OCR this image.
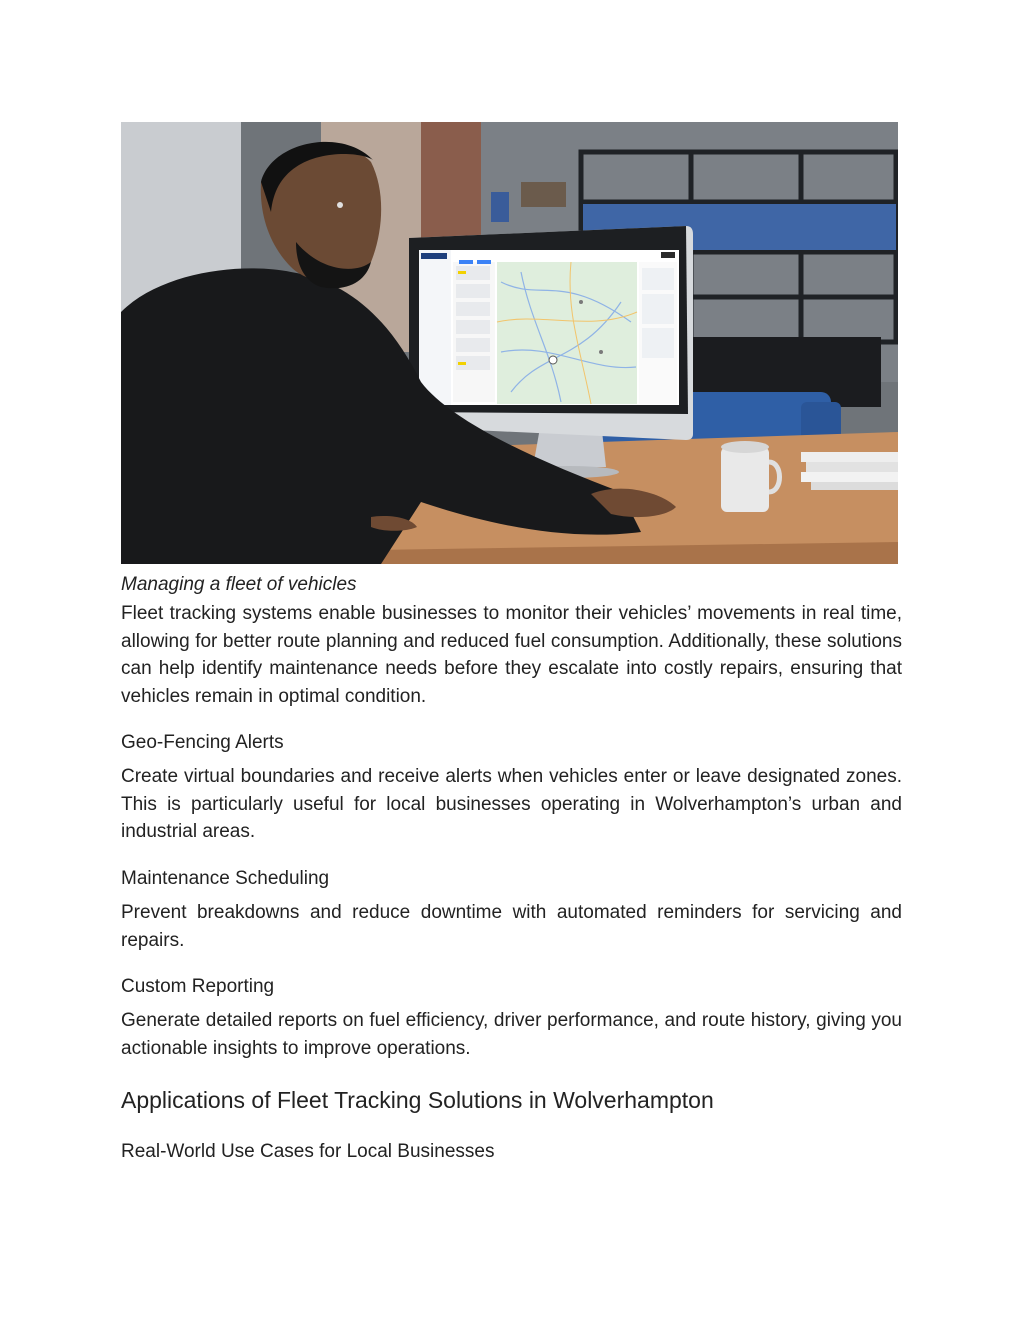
Managing a fleet of vehicles
Fleet tracking systems enable businesses to monitor their vehicles’ movements in real time, allowing for better route planning and reduced fuel consumption. Additionally, these solutions can help identify maintenance needs before they escalate into costly repairs, ensuring that vehicles remain in optimal condition.
Geo-Fencing Alerts
Create virtual boundaries and receive alerts when vehicles enter or leave designated zones. This is particularly useful for local businesses operating in Wolverhampton’s urban and industrial areas.
Maintenance Scheduling
Prevent breakdowns and reduce downtime with automated reminders for servicing and repairs.
Custom Reporting
Generate detailed reports on fuel efficiency, driver performance, and route history, giving you actionable insights to improve operations.
Applications of Fleet Tracking Solutions in Wolverhampton
Real-World Use Cases for Local Businesses
